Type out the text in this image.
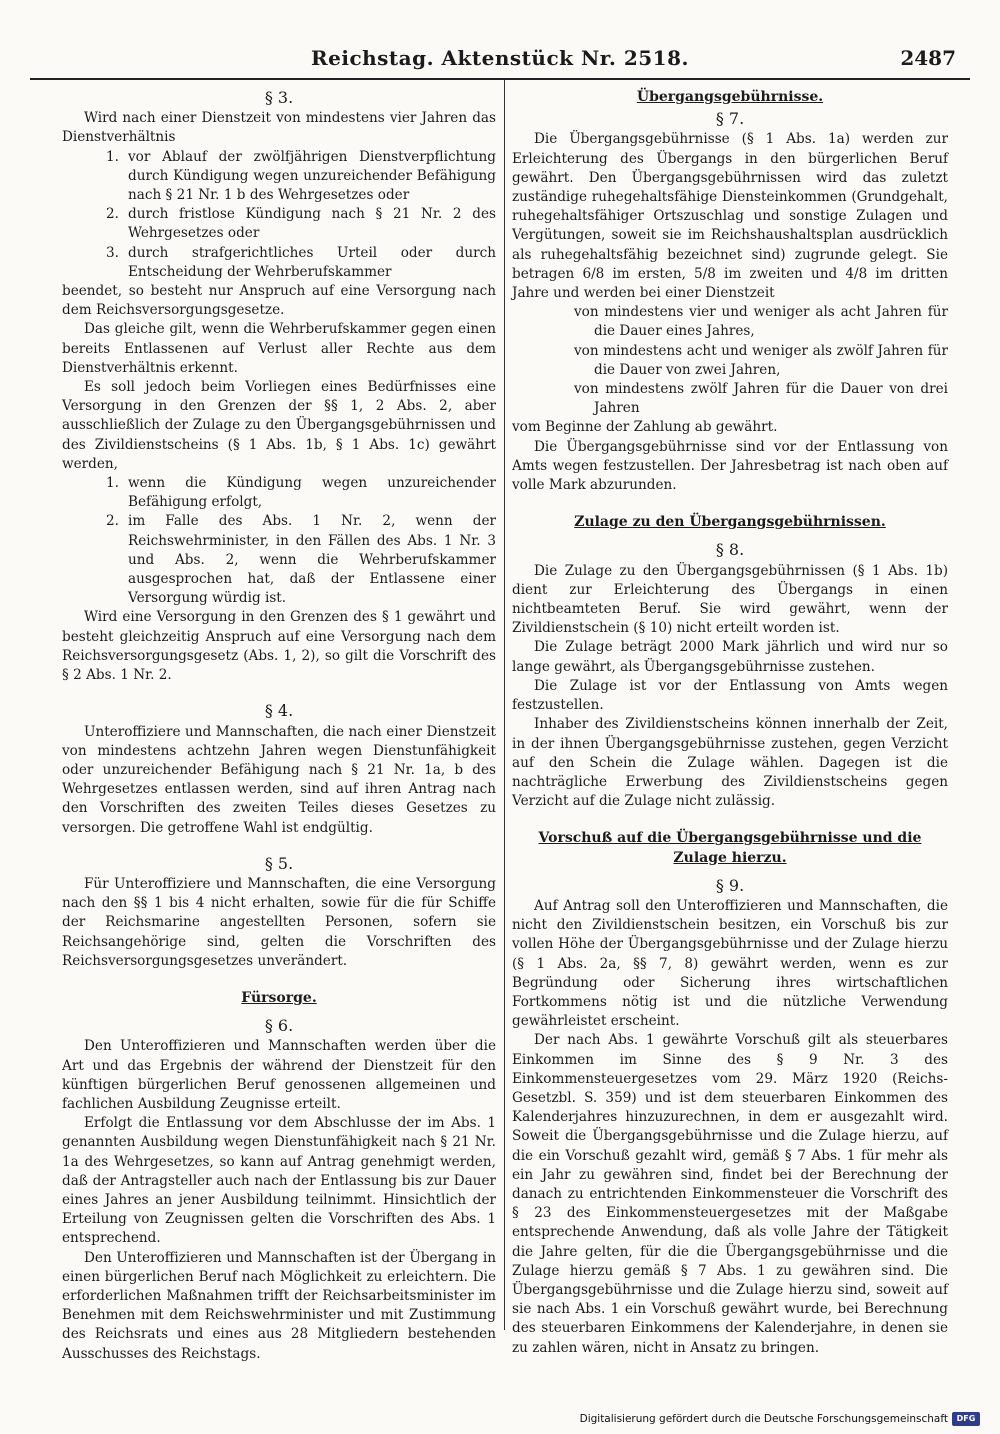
Reichstag. Aktenstück Nr. 2518.	2487
§ 3.

Wird nach einer Dienstzeit von mindestens vier Jahren das Dienstverhältnis

1. vor Ablauf der zwölfjährigen Dienstverpflichtung durch Kündigung wegen unzureichender Befähigung nach § 21 Nr. 1 b des Wehrgesetzes oder
2. durch fristlose Kündigung nach § 21 Nr. 2 des Wehrgesetzes oder
3. durch strafgerichtliches Urteil oder durch Entscheidung der Wehrberufskammer

beendet, so besteht nur Anspruch auf eine Versorgung nach dem Reichsversorgungsgesetze.

Das gleiche gilt, wenn die Wehrberufskammer gegen einen bereits Entlassenen auf Verlust aller Rechte aus dem Dienstverhältnis erkennt.

Es soll jedoch beim Vorliegen eines Bedürfnisses eine Versorgung in den Grenzen der §§ 1, 2 Abs. 2, aber ausschließlich der Zulage zu den Übergangsgebührnissen und des Zivildienstscheins (§ 1 Abs. 1b, § 1 Abs. 1c) gewährt werden,

1. wenn die Kündigung wegen unzureichender Befähigung erfolgt,
2. im Falle des Abs. 1 Nr. 2, wenn der Reichswehrminister, in den Fällen des Abs. 1 Nr. 3 und Abs. 2, wenn die Wehrberufskammer ausgesprochen hat, daß der Entlassene einer Versorgung würdig ist.

Wird eine Versorgung in den Grenzen des § 1 gewährt und besteht gleichzeitig Anspruch auf eine Versorgung nach dem Reichsversorgungsgesetz (Abs. 1, 2), so gilt die Vorschrift des § 2 Abs. 1 Nr. 2.

§ 4.

Unteroffiziere und Mannschaften, die nach einer Dienstzeit von mindestens achtzehn Jahren wegen Dienstunfähigkeit oder unzureichender Befähigung nach § 21 Nr. 1a, b des Wehrgesetzes entlassen werden, sind auf ihren Antrag nach den Vorschriften des zweiten Teiles dieses Gesetzes zu versorgen. Die getroffene Wahl ist endgültig.

§ 5.

Für Unteroffiziere und Mannschaften, die eine Versorgung nach den §§ 1 bis 4 nicht erhalten, sowie für die für Schiffe der Reichsmarine angestellten Personen, sofern sie Reichsangehörige sind, gelten die Vorschriften des Reichsversorgungsgesetzes unverändert.

Fürsorge.
§ 6.

Den Unteroffizieren und Mannschaften werden über die Art und das Ergebnis der während der Dienstzeit für den künftigen bürgerlichen Beruf genossenen allgemeinen und fachlichen Ausbildung Zeugnisse erteilt.

Erfolgt die Entlassung vor dem Abschlusse der im Abs. 1 genannten Ausbildung wegen Dienstunfähigkeit nach § 21 Nr. 1a des Wehrgesetzes, so kann auf Antrag genehmigt werden, daß der Antragsteller auch nach der Entlassung bis zur Dauer eines Jahres an jener Ausbildung teilnimmt. Hinsichtlich der Erteilung von Zeugnissen gelten die Vorschriften des Abs. 1 entsprechend.

Den Unteroffizieren und Mannschaften ist der Übergang in einen bürgerlichen Beruf nach Möglichkeit zu erleichtern. Die erforderlichen Maßnahmen trifft der Reichsarbeitsminister im Benehmen mit dem Reichswehrminister und mit Zustimmung des Reichsrats und eines aus 28 Mitgliedern bestehenden Ausschusses des Reichstags.

Übergangsgebührnisse.
§ 7.

Die Übergangsgebührnisse (§ 1 Abs. 1a) werden zur Erleichterung des Übergangs in den bürgerlichen Beruf gewährt. Den Übergangsgebührnissen wird das zuletzt zuständige ruhegehaltsfähige Diensteinkommen (Grundgehalt, ruhegehaltsfähiger Ortszuschlag und sonstige Zulagen und Vergütungen, soweit sie im Reichshaushaltsplan ausdrücklich als ruhegehaltsfähig bezeichnet sind) zugrunde gelegt. Sie betragen 6/8 im ersten, 5/8 im zweiten und 4/8 im dritten Jahre und werden bei einer Dienstzeit

von mindestens vier und weniger als acht Jahren für die Dauer eines Jahres,
von mindestens acht und weniger als zwölf Jahren für die Dauer von zwei Jahren,
von mindestens zwölf Jahren für die Dauer von drei Jahren

vom Beginne der Zahlung ab gewährt.

Die Übergangsgebührnisse sind vor der Entlassung von Amts wegen festzustellen. Der Jahresbetrag ist nach oben auf volle Mark abzurunden.

Zulage zu den Übergangsgebührnissen.
§ 8.

Die Zulage zu den Übergangsgebührnissen (§ 1 Abs. 1b) dient zur Erleichterung des Übergangs in einen nichtbeamteten Beruf. Sie wird gewährt, wenn der Zivildienstschein (§ 10) nicht erteilt worden ist.

Die Zulage beträgt 2000 Mark jährlich und wird nur so lange gewährt, als Übergangsgebührnisse zustehen.

Die Zulage ist vor der Entlassung von Amts wegen festzustellen.

Inhaber des Zivildienstscheins können innerhalb der Zeit, in der ihnen Übergangsgebührnisse zustehen, gegen Verzicht auf den Schein die Zulage wählen. Dagegen ist die nachträgliche Erwerbung des Zivildienstscheins gegen Verzicht auf die Zulage nicht zulässig.

Vorschuß auf die Übergangsgebührnisse und die Zulage hierzu.
§ 9.

Auf Antrag soll den Unteroffizieren und Mannschaften, die nicht den Zivildienstschein besitzen, ein Vorschuß bis zur vollen Höhe der Übergangsgebührnisse und der Zulage hierzu (§ 1 Abs. 2a, §§ 7, 8) gewährt werden, wenn es zur Begründung oder Sicherung ihres wirtschaftlichen Fortkommens nötig ist und die nützliche Verwendung gewährleistet erscheint.

Der nach Abs. 1 gewährte Vorschuß gilt als steuerbares Einkommen im Sinne des § 9 Nr. 3 des Einkommensteuergesetzes vom 29. März 1920 (Reichs-Gesetzbl. S. 359) und ist dem steuerbaren Einkommen des Kalenderjahres hinzuzurechnen, in dem er ausgezahlt wird. Soweit die Übergangsgebührnisse und die Zulage hierzu, auf die ein Vorschuß gezahlt wird, gemäß § 7 Abs. 1 für mehr als ein Jahr zu gewähren sind, findet bei der Berechnung der danach zu entrichtenden Einkommensteuer die Vorschrift des § 23 des Einkommensteuergesetzes mit der Maßgabe entsprechende Anwendung, daß als volle Jahre der Tätigkeit die Jahre gelten, für die die Übergangsgebührnisse und die Zulage hierzu gemäß § 7 Abs. 1 zu gewähren sind. Die Übergangsgebührnisse und die Zulage hierzu sind, soweit auf sie nach Abs. 1 ein Vorschuß gewährt wurde, bei Berechnung des steuerbaren Einkommens der Kalenderjahre, in denen sie zu zahlen wären, nicht in Ansatz zu bringen.

Digitalisierung gefördert durch die Deutsche Forschungsgemeinschaft	DFG
